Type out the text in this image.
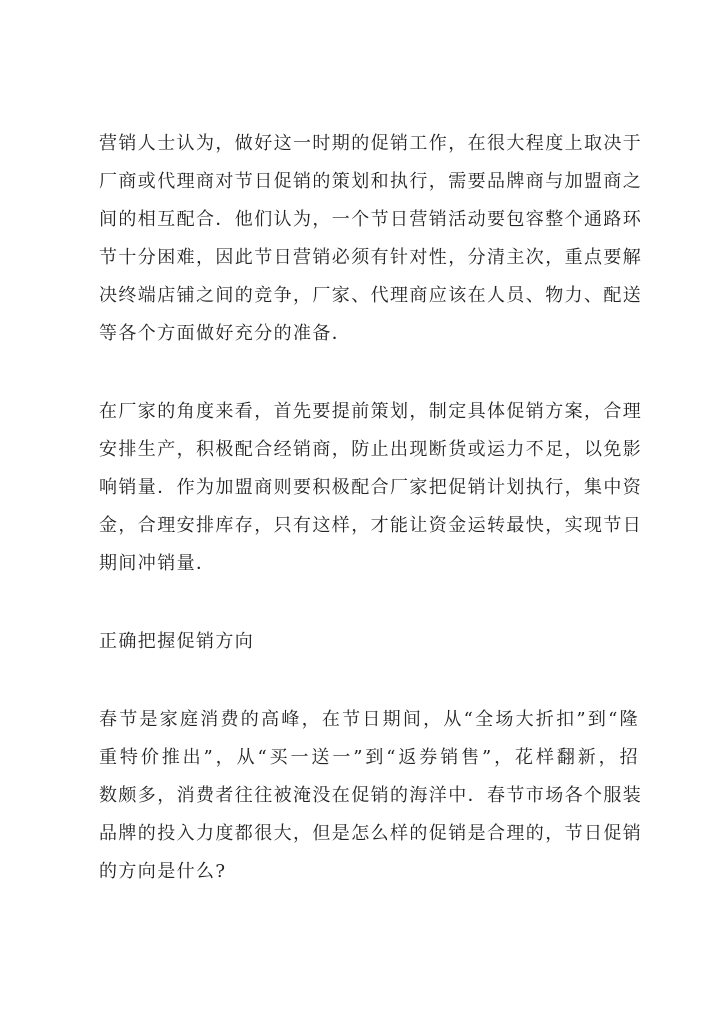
营销人士认为，做好这一时期的促销工作，在很大程度上取决于
厂商或代理商对节日促销的策划和执行，需要品牌商与加盟商之
间的相互配合．他们认为，一个节日营销活动要包容整个通路环
节十分困难，因此节日营销必须有针对性，分清主次，重点要解
决终端店铺之间的竞争，厂家、代理商应该在人员、物力、配送
等各个方面做好充分的准备．
在厂家的角度来看，首先要提前策划，制定具体促销方案，合理
安排生产，积极配合经销商，防止出现断货或运力不足，以免影
响销量．作为加盟商则要积极配合厂家把促销计划执行，集中资
金，合理安排库存，只有这样，才能让资金运转最快，实现节日
期间冲销量．
正确把握促销方向
春节是家庭消费的高峰，在节日期间，从“全场大折扣”到“隆
重特价推出”，从“买一送一”到“返券销售”，花样翻新，招
数颇多，消费者往往被淹没在促销的海洋中．春节市场各个服装
品牌的投入力度都很大，但是怎么样的促销是合理的，节日促销
的方向是什么?
